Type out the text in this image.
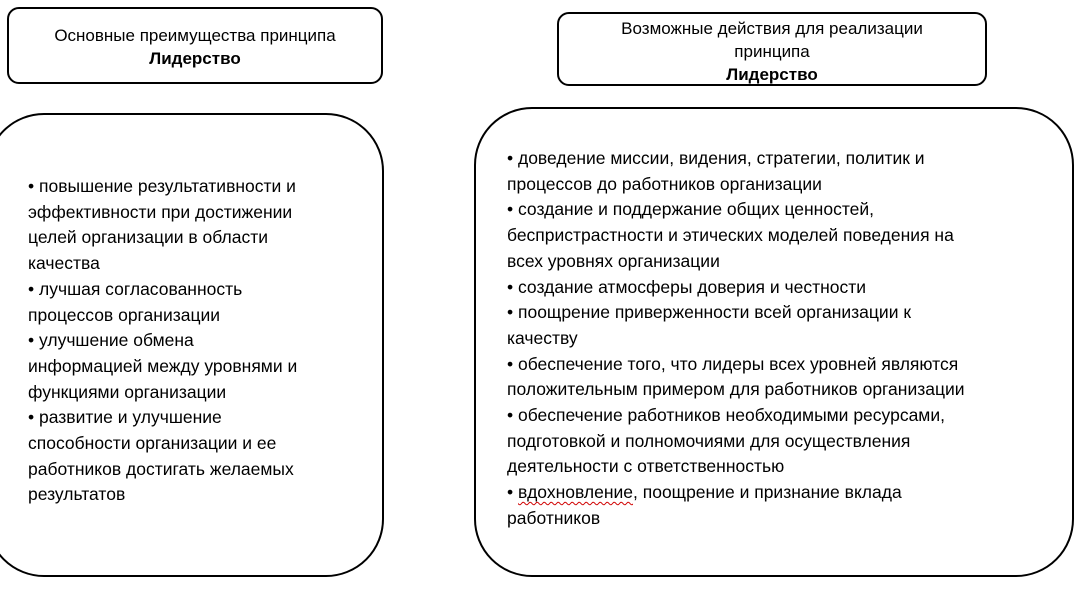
Основные преимущества принципа
Лидерство
Возможные действия для реализации
принципа
Лидерство
• повышение результативности и
эффективности при достижении
целей организации в области
качества
• лучшая согласованность
процессов организации
• улучшение обмена
информацией между уровнями и
функциями организации
• развитие и улучшение
способности организации и ее
работников достигать желаемых
результатов
• доведение миссии, видения, стратегии, политик и
процессов до работников организации
• создание и поддержание общих ценностей,
беспристрастности и этических моделей поведения на
всех уровнях организации
• создание атмосферы доверия и честности
• поощрение приверженности всей организации к
качеству
• обеспечение того, что лидеры всех уровней являются
положительным примером для работников организации
• обеспечение работников необходимыми ресурсами,
подготовкой и полномочиями для осуществления
деятельности с ответственностью
• вдохновление, поощрение и признание вклада
работников
